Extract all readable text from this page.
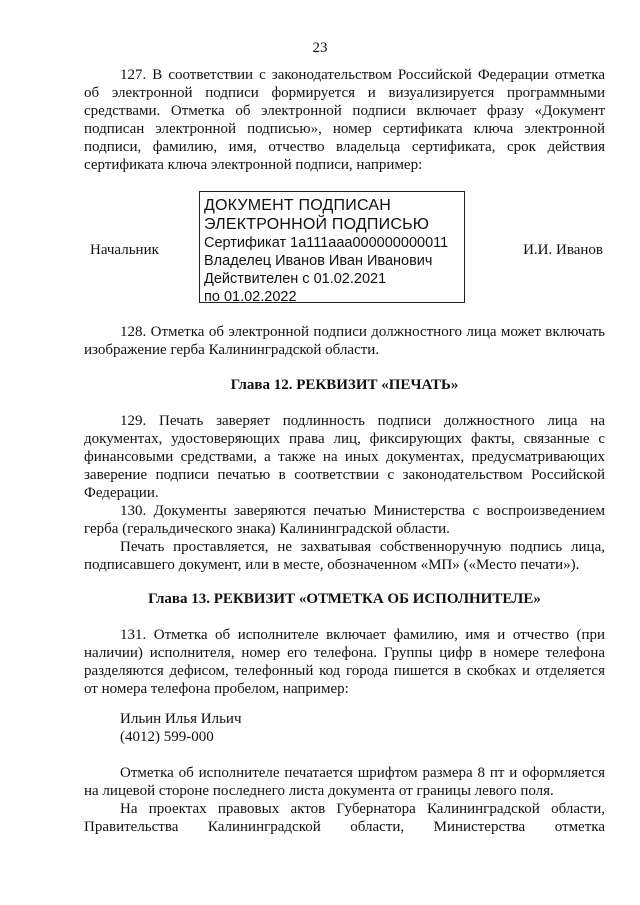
23

127. В соответствии с законодательством Российской Федерации отметка об электронной подписи формируется и визуализируется программными средствами. Отметка об электронной подписи включает фразу «Документ подписан электронной подписью», номер сертификата ключа электронной подписи, фамилию, имя, отчество владельца сертификата, срок действия сертификата ключа электронной подписи, например:

Начальник
ДОКУМЕНТ ПОДПИСАН
ЭЛЕКТРОННОЙ ПОДПИСЬЮ
Сертификат 1а111ааа000000000011
Владелец Иванов Иван Иванович
Действителен с 01.02.2021
по 01.02.2022
И.И. Иванов

128. Отметка об электронной подписи должностного лица может включать изображение герба Калининградской области.

Глава 12. РЕКВИЗИТ «ПЕЧАТЬ»

129. Печать заверяет подлинность подписи должностного лица на документах, удостоверяющих права лиц, фиксирующих факты, связанные с финансовыми средствами, а также на иных документах, предусматривающих заверение подписи печатью в соответствии с законодательством Российской Федерации.

130. Документы заверяются печатью Министерства с воспроизведением герба (геральдического знака) Калининградской области.

Печать проставляется, не захватывая собственноручную подпись лица, подписавшего документ, или в месте, обозначенном «МП» («Место печати»).

Глава 13. РЕКВИЗИТ «ОТМЕТКА ОБ ИСПОЛНИТЕЛЕ»

131. Отметка об исполнителе включает фамилию, имя и отчество (при наличии) исполнителя, номер его телефона. Группы цифр в номере телефона разделяются дефисом, телефонный код города пишется в скобках и отделяется от номера телефона пробелом, например:

Ильин Илья Ильич
(4012) 599-000

Отметка об исполнителе печатается шрифтом размера 8 пт и оформляется на лицевой стороне последнего листа документа от границы левого поля.

На проектах правовых актов Губернатора Калининградской области, Правительства Калининградской области, Министерства отметка
